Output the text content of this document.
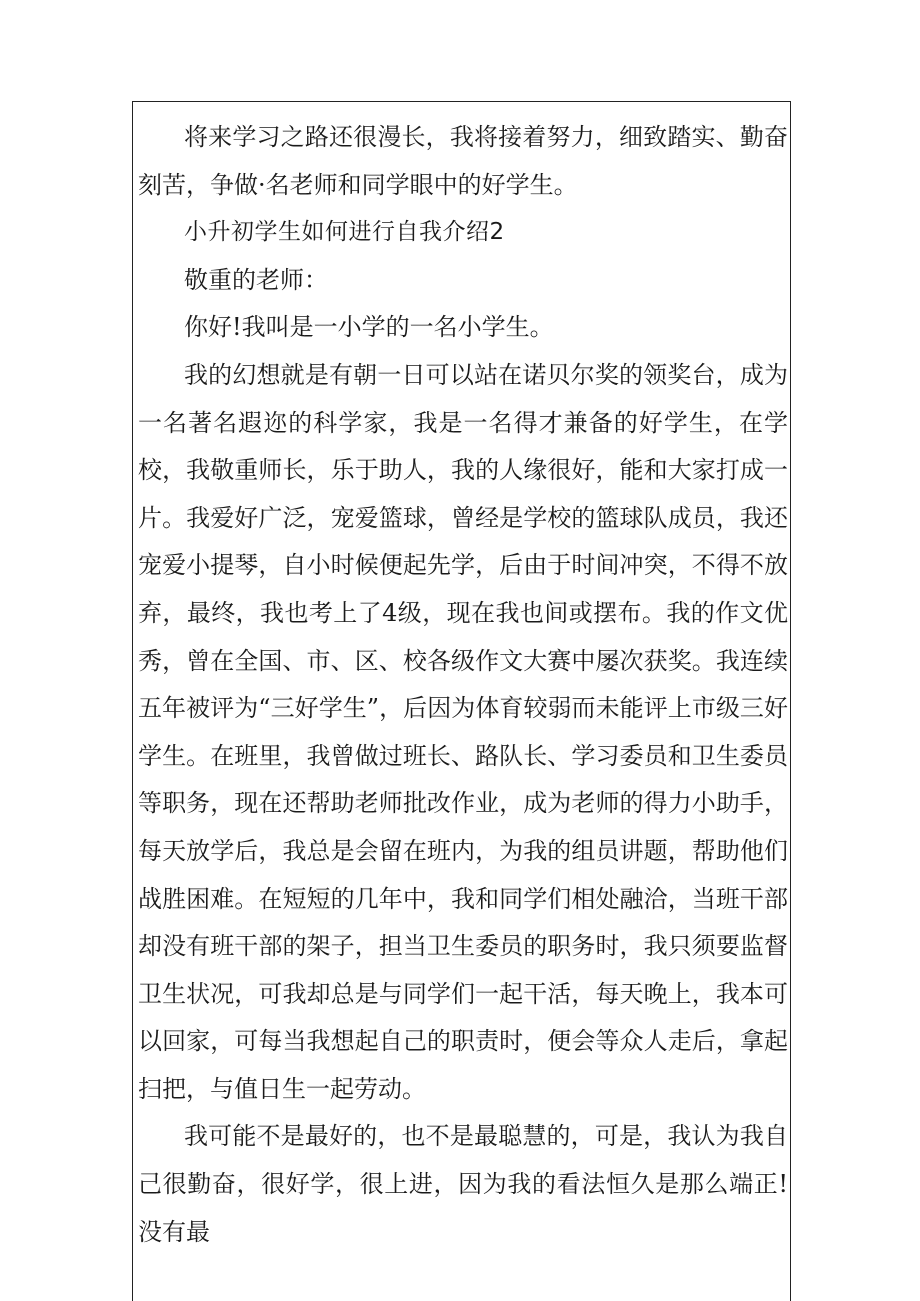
将来学习之路还很漫长，我将接着努力，细致踏实、勤奋刻苦，争做·名老师和同学眼中的好学生。

小升初学生如何进行自我介绍2

敬重的老师：

你好!我叫是一小学的一名小学生。

我的幻想就是有朝一日可以站在诺贝尔奖的领奖台，成为一名著名遐迩的科学家，我是一名得才兼备的好学生，在学校，我敬重师长，乐于助人，我的人缘很好，能和大家打成一片。我爱好广泛，宠爱篮球，曾经是学校的篮球队成员，我还宠爱小提琴，自小时候便起先学，后由于时间冲突，不得不放弃，最终，我也考上了4级，现在我也间或摆布。我的作文优秀，曾在全国、市、区、校各级作文大赛中屡次获奖。我连续五年被评为“三好学生”，后因为体育较弱而未能评上市级三好学生。在班里，我曾做过班长、路队长、学习委员和卫生委员等职务，现在还帮助老师批改作业，成为老师的得力小助手，每天放学后，我总是会留在班内，为我的组员讲题，帮助他们战胜困难。在短短的几年中，我和同学们相处融洽，当班干部却没有班干部的架子，担当卫生委员的职务时，我只须要监督卫生状况，可我却总是与同学们一起干活，每天晚上，我本可以回家，可每当我想起自己的职责时，便会等众人走后，拿起扫把，与值日生一起劳动。

我可能不是最好的，也不是最聪慧的，可是，我认为我自己很勤奋，很好学，很上进，因为我的看法恒久是那么端正!没有最
